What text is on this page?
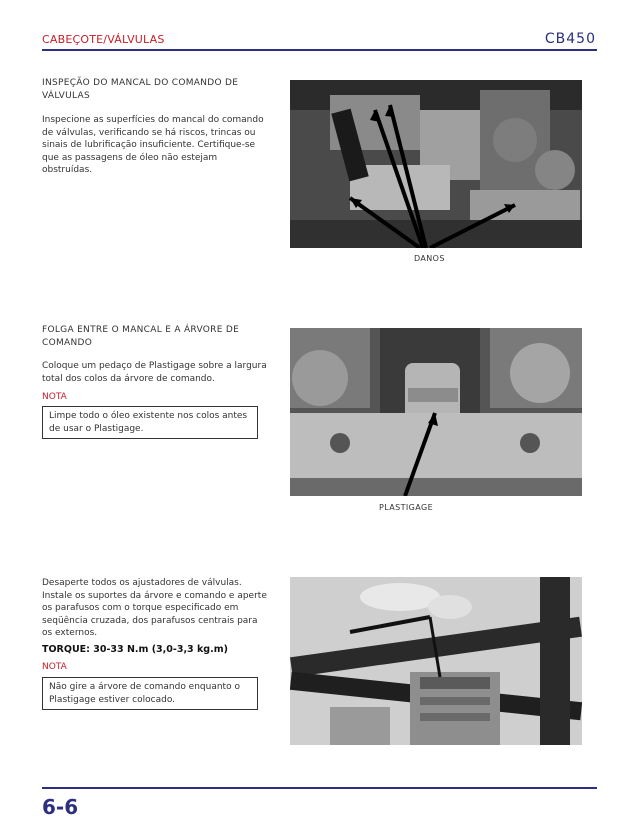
CABEÇOTE/VÁLVULAS	CB450
INSPEÇÃO DO MANCAL DO COMANDO DE VÁLVULAS
Inspecione as superfícies do mancal do comando de válvulas, verificando se há riscos, trincas ou sinais de lubrificação insuficiente. Certifique-se que as passagens de óleo não estejam obstruídas.
DANOS
FOLGA ENTRE O MANCAL E A ÁRVORE DE COMANDO
Coloque um pedaço de Plastigage sobre a largura total dos colos da árvore de comando.
NOTA
Limpe todo o óleo existente nos colos antes de usar o Plastigage.
PLASTIGAGE
Desaperte todos os ajustadores de válvulas. Instale os suportes da árvore e comando e aperte os parafusos com o torque especificado em seqüência cruzada, dos parafusos centrais para os externos.
TORQUE: 30-33 N.m (3,0-3,3 kg.m)
NOTA
Não gire a árvore de comando enquanto o Plastigage estiver colocado.
6-6
